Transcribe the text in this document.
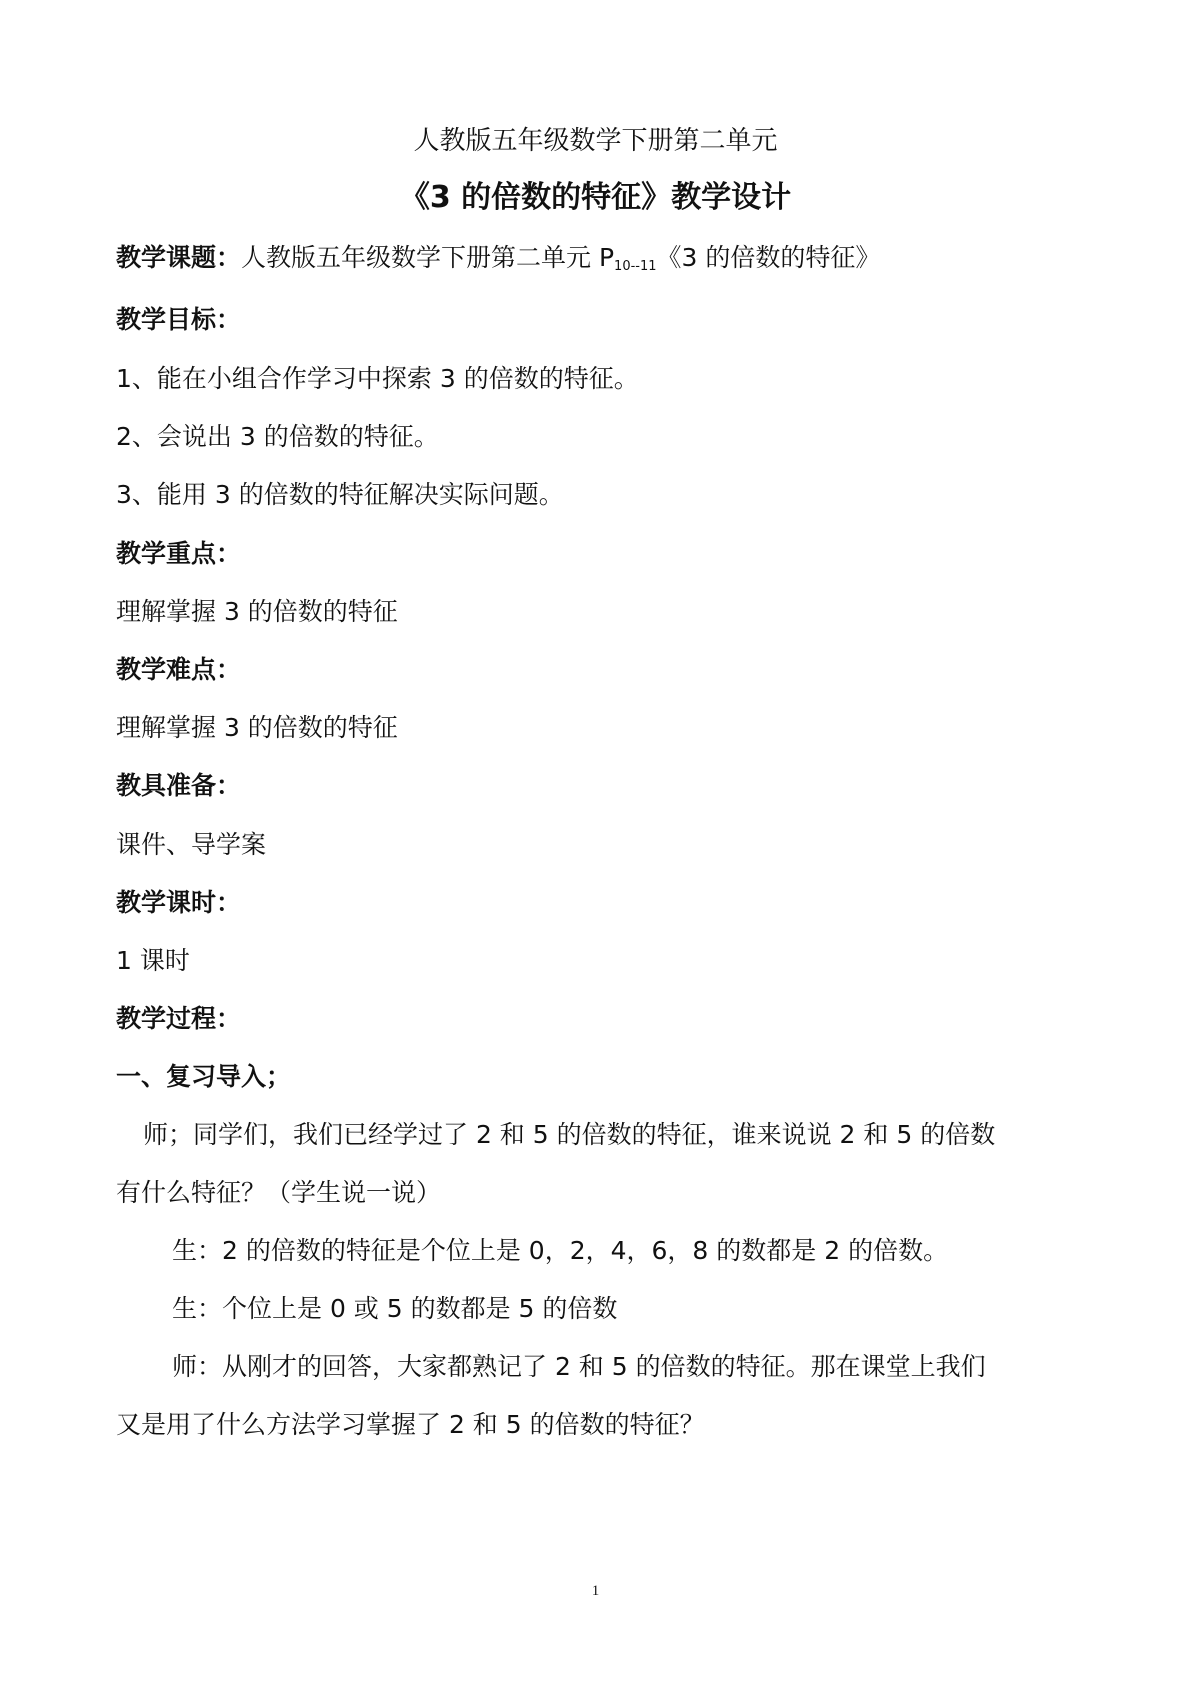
人教版五年级数学下册第二单元
《3 的倍数的特征》教学设计
教学课题：人教版五年级数学下册第二单元 $P_{10--11}$《3 的倍数的特征》
教学目标：
1、能在小组合作学习中探索 3 的倍数的特征。
2、会说出 3 的倍数的特征。
3、能用 3 的倍数的特征解决实际问题。
教学重点：
理解掌握 3 的倍数的特征
教学难点：
理解掌握 3 的倍数的特征
教具准备：
课件、导学案
教学课时：
1 课时
教学过程：
一、复习导入；
师；同学们，我们已经学过了 2 和 5 的倍数的特征，谁来说说 2 和 5 的倍数
有什么特征？（学生说一说）
生：2 的倍数的特征是个位上是 0，2，4，6，8 的数都是 2 的倍数。
生：个位上是 0 或 5 的数都是 5 的倍数
师：从刚才的回答，大家都熟记了 2 和 5 的倍数的特征。那在课堂上我们
又是用了什么方法学习掌握了 2 和 5 的倍数的特征？
1
